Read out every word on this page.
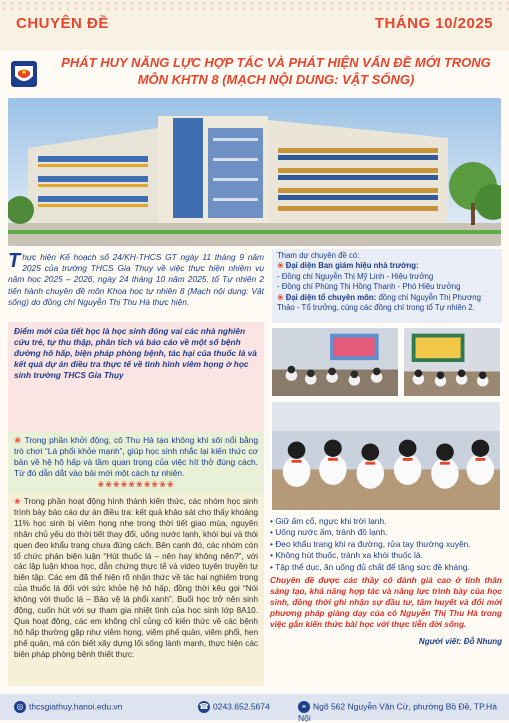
CHUYÊN ĐỀ	THÁNG 10/2025
PHÁT HUY NĂNG LỰC HỢP TÁC VÀ PHÁT HIỆN VẤN ĐỀ MỚI TRONG MÔN KHTN 8 (MẠCH NỘI DUNG: VẬT SỐNG)
Thực hiện Kế hoạch số 24/KH-THCS GT ngày 11 tháng 9 năm 2025 của trường THCS Gia Thụy về việc thực hiện nhiệm vụ năm học 2025 – 2026, ngày 24 tháng 10 năm 2025, tổ Tự nhiên 2 tiến hành chuyên đề môn Khoa học tự nhiên 8 (Mạch nội dung: Vật sống) do đồng chí Nguyễn Thị Thu Hà thực hiện.
Tham dự chuyên đề có:
❀ Đại diện Ban giám hiệu nhà trường:
- Đồng chí Nguyễn Thị Mỹ Linh - Hiệu trưởng
- Đồng chí Phùng Thị Hồng Thanh - Phó Hiệu trưởng
❀ Đại diện tổ chuyên môn: đồng chí Nguyễn Thị Phương Thảo - Tổ trưởng, cùng các đồng chí trong tổ Tự nhiên 2.
Điểm mới của tiết học là học sinh đóng vai các nhà nghiên cứu trẻ, tự thu thập, phân tích và báo cáo về một số bệnh đường hô hấp, biện pháp phòng bệnh, tác hại của thuốc lá và kết quả dự án điều tra thực tế về tình hình viêm họng ở học sinh trường THCS Gia Thụy
❀ Trong phần khởi động, cô Thu Hà tạo không khí sôi nổi bằng trò chơi “Lá phổi khỏe mạnh”, giúp học sinh nhắc lại kiến thức cơ bản về hệ hô hấp và tầm quan trọng của việc hít thở đúng cách. Từ đó dẫn dắt vào bài mới một cách tự nhiên.
❀❀❀❀❀❀❀❀❀❀
❀ Trong phần hoạt động hình thành kiến thức, các nhóm học sinh trình bày báo cáo dự án điều tra: kết quả khảo sát cho thấy khoảng 11% học sinh bị viêm họng nhẹ trong thời tiết giao mùa, nguyên nhân chủ yếu do thời tiết thay đổi, uống nước lạnh, khói bụi và thói quen đeo khẩu trang chưa đúng cách. Bên cạnh đó, các nhóm còn tổ chức phản biện luận “Hút thuốc lá – nên hay không nên?”, với các lập luận khoa học, dẫn chứng thực tế và video tuyên truyền tự biên tập. Các em đã thể hiện rõ nhận thức về tác hại nghiêm trọng của thuốc lá đối với sức khỏe hệ hô hấp, đồng thời kêu gọi “Nói không với thuốc lá – Bảo vệ lá phổi xanh”. Buổi học trở nên sinh động, cuốn hút với sự tham gia nhiệt tình của học sinh lớp 8A10. Qua hoạt động, các em không chỉ củng cố kiến thức về các bệnh hô hấp thường gặp như viêm họng, viêm phế quản, viêm phổi, hen phế quản, mà còn biết xây dựng lối sống lành mạnh, thực hiện các biện pháp phòng bệnh thiết thực:
• Giữ ấm cổ, ngực khi trời lạnh.
• Uống nước ấm, tránh đồ lạnh.
• Đeo khẩu trang khi ra đường, rửa tay thường xuyên.
• Không hút thuốc, tránh xa khói thuốc lá.
• Tập thể dục, ăn uống đủ chất để tăng sức đề kháng.
Chuyên đề được các thầy cô đánh giá cao ở tính thân sáng tạo, khả năng hợp tác và năng lực trình bày của học sinh, đồng thời ghi nhận sự đầu tư, tâm huyết và đổi mới phương pháp giảng dạy của cô Nguyễn Thị Thu Hà trong việc gắn kiến thức bài học với thực tiễn đời sống.
Người viết: Đỗ Nhung
◎ thcsgiathuy.hanoi.edu.vn	☎ 0243.652.5674	⌖ Ngõ 562 Nguyễn Văn Cừ, phường Bồ Đề, TP.Hà Nội
